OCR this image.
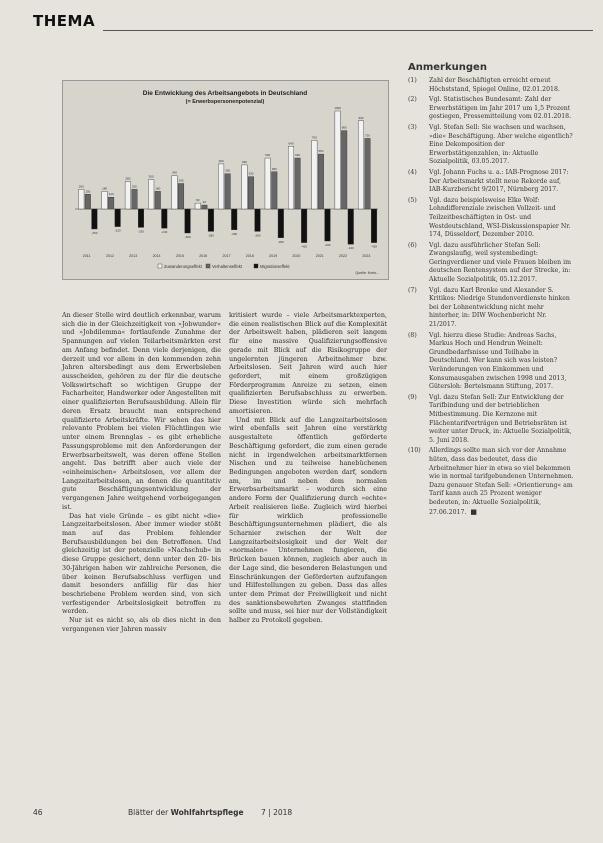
THEMA
Die Entwicklung des Arbeitsangebots in Deutschland
(= Erwerbspersonenpotenzial)
200
150
-250
2011
180
120
-220
2012
280
200
-230
2013
300
180
-240
2014
340
260
-300
2015
60 40
-280
2016
460
360
-260
2017
450
330
-280
2018
520
380
-360
2019
640
520
-420
2020
700
560
-400
2021
1000
800
-440
2022
900
720
-420
2023
Zuwanderungseffekt Verhaltenseffekt	Migrationseffekt
Quelle: Kreis...

An dieser Stelle wird deutlich erkennbar, warum sich die in der Gleichzeitigkeit von »Jobwunder« und »Jobdilemma« fortlaufende Zunahme der Spannungen auf vielen Teilarbeitsmärkten erst am Anfang befindet. Denn viele derjenigen, die derzeit und vor allem in den kommenden zehn Jahren altersbedingt aus dem Erwerbsleben ausscheiden, gehören zu der für die deutsche Volkswirtschaft so wichtigen Gruppe der Facharbeiter, Handwerker oder Angestellten mit einer qualifizierten Berufsausbildung. Allein für deren Ersatz braucht man entsprechend qualifizierte Arbeitskräfte. Wir sehen das hier relevante Problem bei vielen Flüchtlingen wie unter einem Brennglas – es gibt erhebliche Passungsprobleme mit den Anforderungen der Erwerbsarbeitswelt, was deren offene Stellen angeht. Das betrifft aber auch viele der »einheimischen« Arbeitslosen, vor allem der Langzeitarbeitslosen, an denen die quantitativ gute Beschäftigungsentwicklung der vergangenen Jahre weitgehend vorbeigegangen ist.

Das hat viele Gründe – es gibt nicht »die« Langzeitarbeitslosen. Aber immer wieder stößt man auf das Problem fehlender Berufsausbildungen bei den Betroffenen. Und gleichzeitig ist der potenzielle »Nachschub« in diese Gruppe gesichert, denn unter den 20- bis 30-Jährigen haben wir zahlreiche Personen, die über keinen Berufsabschluss verfügen und damit besonders anfällig für das hier beschriebene Problem werden sind, von sich verfestigender Arbeitslosigkeit betroffen zu werden.

Nur ist es nicht so, als ob dies nicht in den vergangenen vier Jahren massiv

kritisiert wurde – viele Arbeitsmarktexperten, die einen realistischen Blick auf die Komplexität der Arbeitswelt haben, plädieren seit langem für eine massive Qualifizierungsoffensive gerade mit Blick auf die Risikogruppe der ungelernten jüngeren Arbeitnehmer bzw. Arbeitslosen. Seit Jahren wird auch hier gefordert, mit einem großzügigen Förderprogramm Anreize zu setzen, einen qualifizierten Berufsabschluss zu erwerben. Diese Investition würde sich mehrfach amortisieren.

Und mit Blick auf die Langzeitarbeitslosen wird ebenfalls seit Jahren eine verstärktg ausgestaltete öffentlich geförderte Beschäftigung gefordert, die zum einen gerade nicht in irgendwelchen arbeitsmarktfernen Nischen und zu teilweise hanebüchenen Bedingungen angeboten werden darf, sondern am, im und neben dem normalen Erwerbsarbeitsmarkt – wodurch sich eine andere Form der Qualifizierung durch »echte« Arbeit realisieren ließe. Zugleich wird hierbei für wirklich professionelle Beschäftigungsunternehmen plädiert, die als Scharnier zwischen der Welt der Langzeitarbeitslosigkeit und der Welt der »normalen« Unternehmen fungieren, die Brücken bauen können, zugleich aber auch in der Lage sind, die besonderen Belastungen und Einschränkungen der Geförderten aufzufangen und Hilfestellungen zu geben. Dass das alles unter dem Primat der Freiwilligkeit und nicht des sanktionsbewehrten Zwanges stattfinden sollte und muss, sei hier nur der Vollständigkeit halber zu Protokoll gegeben.

Anmerkungen
(1) Zahl der Beschäftigten erreicht erneut Höchststand, Spiegel Online, 02.01.2018.
(2) Vgl. Statistisches Bundesamt: Zahl der Erwerbstätigen im Jahr 2017 um 1,5 Prozent gestiegen, Pressemitteilung vom 02.01.2018.
(3) Vgl. Stefan Sell: Sie wachsen und wachsen, »die« Beschäftigung. Aber welche eigentlich? Eine Dekomposition der Erwerbstätigenzahlen, in: Aktuelle Sozialpolitik, 03.05.2017.
(4) Vgl. Johann Fuchs u. a.: IAB-Prognose 2017: Der Arbeitsmarkt stellt neue Rekorde auf, IAB-Kurzbericht 9/2017, Nürnberg 2017.
(5) Vgl. dazu beispielsweise Elke Wolf: Lohndifferenziale zwischen Vollzeit- und Teilzeitbeschäftigten in Ost- und Westdeutschland, WSI-Diskussionspapier Nr. 174, Düsseldorf, Dezember 2010.
(6) Vgl. dazu ausführlicher Stefan Sell: Zwangslaufig, weil systembedingt: Geringverdiener und viele Frauen bleiben im deutschen Rentensystem auf der Strecke, in: Aktuelle Sozialpolitik, 05.12.2017.
(7) Vgl. dazu Karl Brenke und Alexander S. Kritikos: Niedrige Stundenverdienste hinken bei der Lohnentwicklung nicht mehr hinterher, in: DIW Wochenbericht Nr. 21/2017.
(8) Vgl. hierzu diese Studie: Andreas Sachs, Markus Hoch und Hendrun Weinelt: Grundbedarfsnisse und Teilhabe in Deutschland. Wer kann sich was leisten? Veränderungen von Einkommen und Konsumausgaben zwischen 1998 und 2013, Gütersloh: Bertelsmann Stiftung, 2017.
(9) Vgl. dazu Stefan Sell: Zur Entwicklung der Tarifbindung und der betrieblichen Mitbestimmung. Die Kernzone mit Flächentarifverträgen und Betriebsräten ist weiter unter Druck, in: Aktuelle Sozialpolitik, 5. Juni 2018.
(10) Allerdings sollte man sich vor der Annahme hüten, dass das bedeutet, dass die Arbeitnehmer hier in etwa so viel bekommen wie in normal tarifgebundenen Unternehmen. Dazu genauer Stefan Sell: »Orientierung« am Tarif kann auch 25 Prozent weniger bedeuten, in: Aktuelle Sozialpolitik, 27.06.2017. ■
46	Blätter der Wohlfahrtspflege 7 | 2018
